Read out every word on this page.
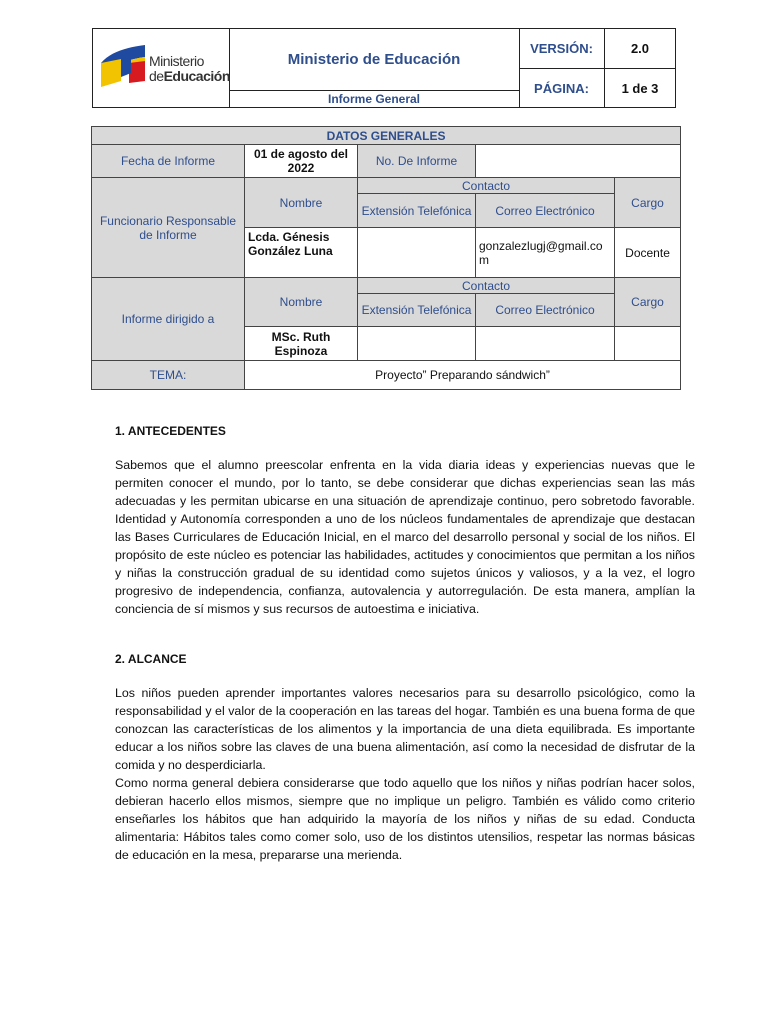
Ministerio
deEducación
Ministerio de Educación
Informe General
VERSIÓN:	2.0
PÁGINA:	1 de 3
DATOS GENERALES				
Fecha de Informe	01 de agosto del 2022	No. De Informe		
Funcionario Responsable de Informe	Nombre	Contacto		Cargo
		Extensión Telefónica	Correo Electrónico	
	Lcda. Génesis González Luna		gonzalezlugj@gmail.com	Docente
Informe dirigido a	Nombre	Contacto		Cargo
		Extensión Telefónica	Correo Electrónico	
	MSc. Ruth Espinoza			
TEMA:	Proyecto” Preparando sándwich”			
1. ANTECEDENTES

Sabemos que el alumno preescolar enfrenta en la vida diaria ideas y experiencias nuevas que le permiten conocer el mundo, por lo tanto, se debe considerar que dichas experiencias sean las más adecuadas y les permitan ubicarse en una situación de aprendizaje continuo, pero sobretodo favorable. Identidad y Autonomía corresponden a uno de los núcleos fundamentales de aprendizaje que destacan las Bases Curriculares de Educación Inicial, en el marco del desarrollo personal y social de los niños. El propósito de este núcleo es potenciar las habilidades, actitudes y conocimientos que permitan a los niños y niñas la construcción gradual de su identidad como sujetos únicos y valiosos, y a la vez, el logro progresivo de independencia, confianza, autovalencia y autorregulación. De esta manera, amplían la conciencia de sí mismos y sus recursos de autoestima e iniciativa.

2. ALCANCE

Los niños pueden aprender importantes valores necesarios para su desarrollo psicológico, como la responsabilidad y el valor de la cooperación en las tareas del hogar. También es una buena forma de que conozcan las características de los alimentos y la importancia de una dieta equilibrada. Es importante educar a los niños sobre las claves de una buena alimentación, así como la necesidad de disfrutar de la comida y no desperdiciarla.

Como norma general debiera considerarse que todo aquello que los niños y niñas podrían hacer solos, debieran hacerlo ellos mismos, siempre que no implique un peligro. También es válido como criterio enseñarles los hábitos que han adquirido la mayoría de los niños y niñas de su edad. Conducta alimentaria: Hábitos tales como comer solo, uso de los distintos utensilios, respetar las normas básicas de educación en la mesa, prepararse una merienda.
